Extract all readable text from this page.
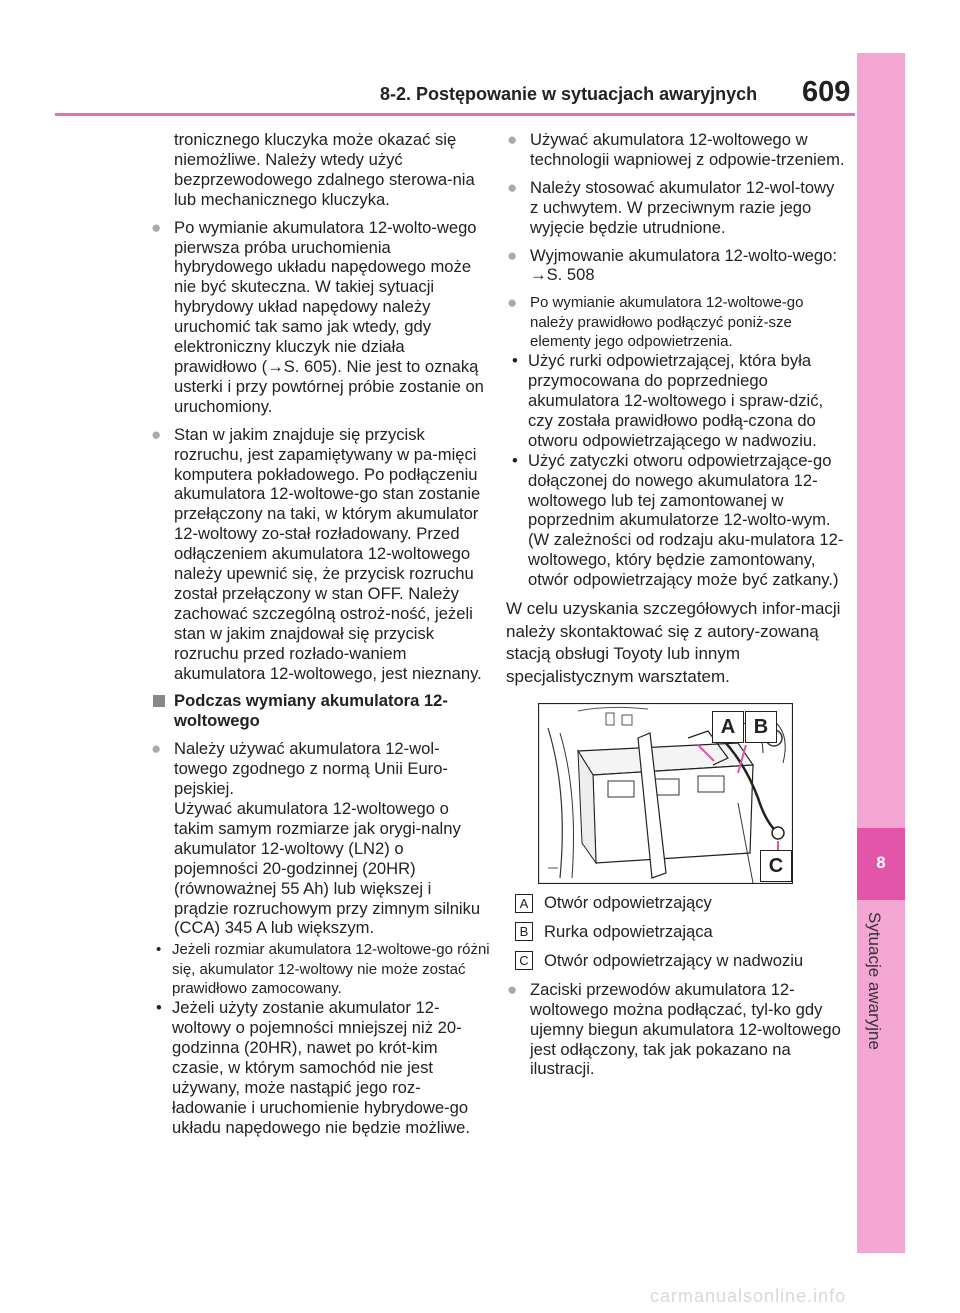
8-2. Postępowanie w sytuacjach awaryjnych 609
8
Sytuacje awaryjne

tronicznego kluczyka może okazać się niemożliwe. Należy wtedy użyć bezprzewodowego zdalnego sterowa-nia lub mechanicznego kluczyka.

● Po wymianie akumulatora 12-wolto-wego pierwsza próba uruchomienia hybrydowego układu napędowego może nie być skuteczna. W takiej sytuacji hybrydowy układ napędowy należy uruchomić tak samo jak wtedy, gdy elektroniczny kluczyk nie działa prawidłowo (→S. 605). Nie jest to oznaką usterki i przy powtórnej próbie zostanie on uruchomiony.

● Stan w jakim znajduje się przycisk rozruchu, jest zapamiętywany w pa-mięci komputera pokładowego. Po podłączeniu akumulatora 12-woltowe-go stan zostanie przełączony na taki, w którym akumulator 12-woltowy zo-stał rozładowany. Przed odłączeniem akumulatora 12-woltowego należy upewnić się, że przycisk rozruchu został przełączony w stan OFF. Należy zachować szczególną ostroż-ność, jeżeli stan w jakim znajdował się przycisk rozruchu przed rozłado-waniem akumulatora 12-woltowego, jest nieznany.

Podczas wymiany akumulatora 12-woltowego

● Należy używać akumulatora 12-wol-towego zgodnego z normą Unii Euro-pejskiej.

Używać akumulatora 12-woltowego o takim samym rozmiarze jak orygi-nalny akumulator 12-woltowy (LN2) o pojemności 20-godzinnej (20HR) (równoważnej 55 Ah) lub większej i prądzie rozruchowym przy zimnym silniku (CCA) 345 A lub większym.

• Jeżeli rozmiar akumulatora 12-woltowe-go różni się, akumulator 12-woltowy nie może zostać prawidłowo zamocowany.

• Jeżeli użyty zostanie akumulator 12-woltowy o pojemności mniejszej niż 20-godzinna (20HR), nawet po krót-kim czasie, w którym samochód nie jest używany, może nastąpić jego roz-ładowanie i uruchomienie hybrydowe-go układu napędowego nie będzie możliwe.

● Używać akumulatora 12-woltowego w technologii wapniowej z odpowie-trzeniem.

● Należy stosować akumulator 12-wol-towy z uchwytem. W przeciwnym razie jego wyjęcie będzie utrudnione.

● Wyjmowanie akumulatora 12-wolto-wego: →S. 508

● Po wymianie akumulatora 12-woltowe-go należy prawidłowo podłączyć poniż-sze elementy jego odpowietrzenia.

• Użyć rurki odpowietrzającej, która była przymocowana do poprzedniego akumulatora 12-woltowego i spraw-dzić, czy została prawidłowo podłą-czona do otworu odpowietrzającego w nadwoziu.

• Użyć zatyczki otworu odpowietrzające-go dołączonej do nowego akumulatora 12-woltowego lub tej zamontowanej w poprzednim akumulatorze 12-wolto-wym. (W zależności od rodzaju aku-mulatora 12-woltowego, który będzie zamontowany, otwór odpowietrzający może być zatkany.)

W celu uzyskania szczegółowych infor-macji należy skontaktować się z autory-zowaną stacją obsługi Toyoty lub innym specjalistycznym warsztatem.

A B
C
A Otwór odpowietrzający
B Rurka odpowietrzająca
C Otwór odpowietrzający w nadwoziu

● Zaciski przewodów akumulatora 12-woltowego można podłączać, tyl-ko gdy ujemny biegun akumulatora 12-woltowego jest odłączony, tak jak pokazano na ilustracji.

carmanualsonline.info
